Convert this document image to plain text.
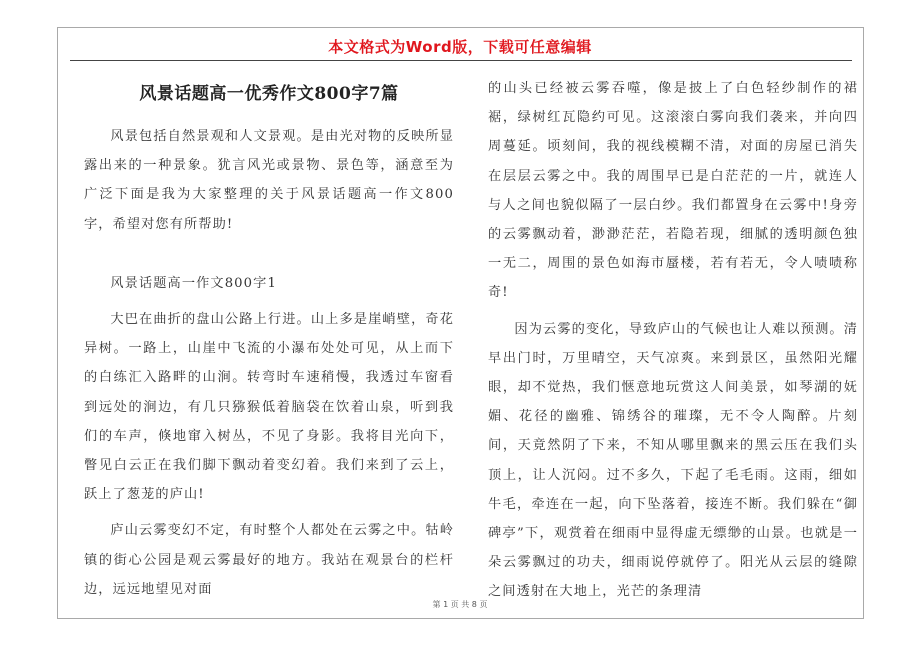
本文格式为Word版，下载可任意编辑
风景话题高一优秀作文800字7篇

风景包括自然景观和人文景观。是由光对物的反映所显露出来的一种景象。犹言风光或景物、景色等，涵意至为广泛下面是我为大家整理的关于风景话题高一作文800字，希望对您有所帮助!

风景话题高一作文800字1

大巴在曲折的盘山公路上行进。山上多是崖峭壁，奇花异树。一路上，山崖中飞流的小瀑布处处可见，从上而下的白练汇入路畔的山涧。转弯时车速稍慢，我透过车窗看到远处的涧边，有几只猕猴低着脑袋在饮着山泉，听到我们的车声，倏地窜入树丛，不见了身影。我将目光向下，瞥见白云正在我们脚下飘动着变幻着。我们来到了云上，跃上了葱茏的庐山!

庐山云雾变幻不定，有时整个人都处在云雾之中。牯岭镇的街心公园是观云雾最好的地方。我站在观景台的栏杆边，远远地望见对面

的山头已经被云雾吞噬，像是披上了白色轻纱制作的裙裾，绿树红瓦隐约可见。这滚滚白雾向我们袭来，并向四周蔓延。顷刻间，我的视线模糊不清，对面的房屋已消失在层层云雾之中。我的周围早已是白茫茫的一片，就连人与人之间也貌似隔了一层白纱。我们都置身在云雾中!身旁的云雾飘动着，渺渺茫茫，若隐若现，细腻的透明颜色独一无二，周围的景色如海市蜃楼，若有若无，令人啧啧称奇!

因为云雾的变化，导致庐山的气候也让人难以预测。清早出门时，万里晴空，天气凉爽。来到景区，虽然阳光耀眼，却不觉热，我们惬意地玩赏这人间美景，如琴湖的妩媚、花径的幽雅、锦绣谷的璀璨，无不令人陶醉。片刻间，天竟然阴了下来，不知从哪里飘来的黑云压在我们头顶上，让人沉闷。过不多久，下起了毛毛雨。这雨，细如牛毛，牵连在一起，向下坠落着，接连不断。我们躲在“御碑亭”下，观赏着在细雨中显得虚无缥缈的山景。也就是一朵云雾飘过的功夫，细雨说停就停了。阳光从云层的缝隙之间透射在大地上，光芒的条理清

第 1 页 共 8 页
